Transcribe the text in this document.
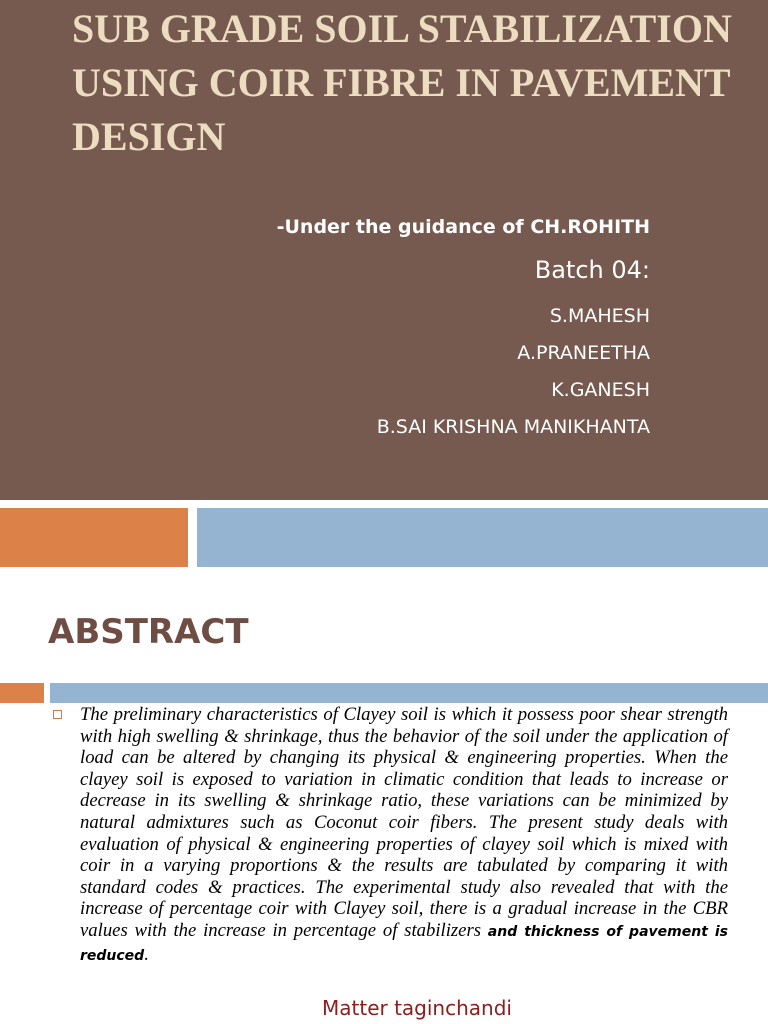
SUB GRADE SOIL STABILIZATION USING COIR FIBRE IN PAVEMENT DESIGN
-Under the guidance of CH.ROHITH
Batch 04:
S.MAHESH
A.PRANEETHA
K.GANESH
B.SAI KRISHNA MANIKHANTA
ABSTRACT

The preliminary characteristics of Clayey soil is which it possess poor shear strength with high swelling & shrinkage, thus the behavior of the soil under the application of load can be altered by changing its physical & engineering properties. When the clayey soil is exposed to variation in climatic condition that leads to increase or decrease in its swelling & shrinkage ratio, these variations can be minimized by natural admixtures such as Coconut coir fibers. The present study deals with evaluation of physical & engineering properties of clayey soil which is mixed with coir in a varying proportions & the results are tabulated by comparing it with standard codes & practices. The experimental study also revealed that with the increase of percentage coir with Clayey soil, there is a gradual increase in the CBR values with the increase in percentage of stabilizers and thickness of pavement is reduced.

Matter taginchandi
